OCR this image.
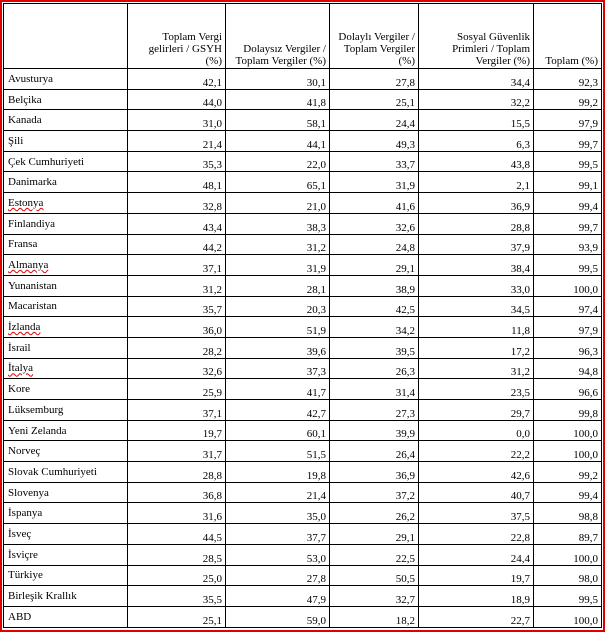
	Toplam Vergi gelirleri / GSYH (%)	Dolaysız Vergiler / Toplam Vergiler (%)	Dolaylı Vergiler / Toplam Vergiler (%)	Sosyal Güvenlik Primleri / Toplam Vergiler (%)	Toplam (%)
Avusturya	42,1	30,1	27,8	34,4	92,3
Belçika	44,0	41,8	25,1	32,2	99,2
Kanada	31,0	58,1	24,4	15,5	97,9
Şili	21,4	44,1	49,3	6,3	99,7
Çek Cumhuriyeti	35,3	22,0	33,7	43,8	99,5
Danimarka	48,1	65,1	31,9	2,1	99,1
Estonya	32,8	21,0	41,6	36,9	99,4
Finlandiya	43,4	38,3	32,6	28,8	99,7
Fransa	44,2	31,2	24,8	37,9	93,9
Almanya	37,1	31,9	29,1	38,4	99,5
Yunanistan	31,2	28,1	38,9	33,0	100,0
Macaristan	35,7	20,3	42,5	34,5	97,4
İzlanda	36,0	51,9	34,2	11,8	97,9
İsrail	28,2	39,6	39,5	17,2	96,3
İtalya	32,6	37,3	26,3	31,2	94,8
Kore	25,9	41,7	31,4	23,5	96,6
Lüksemburg	37,1	42,7	27,3	29,7	99,8
Yeni Zelanda	19,7	60,1	39,9	0,0	100,0
Norveç	31,7	51,5	26,4	22,2	100,0
Slovak Cumhuriyeti	28,8	19,8	36,9	42,6	99,2
Slovenya	36,8	21,4	37,2	40,7	99,4
İspanya	31,6	35,0	26,2	37,5	98,8
İsveç	44,5	37,7	29,1	22,8	89,7
İsviçre	28,5	53,0	22,5	24,4	100,0
Türkiye	25,0	27,8	50,5	19,7	98,0
Birleşik Krallık	35,5	47,9	32,7	18,9	99,5
ABD	25,1	59,0	18,2	22,7	100,0
